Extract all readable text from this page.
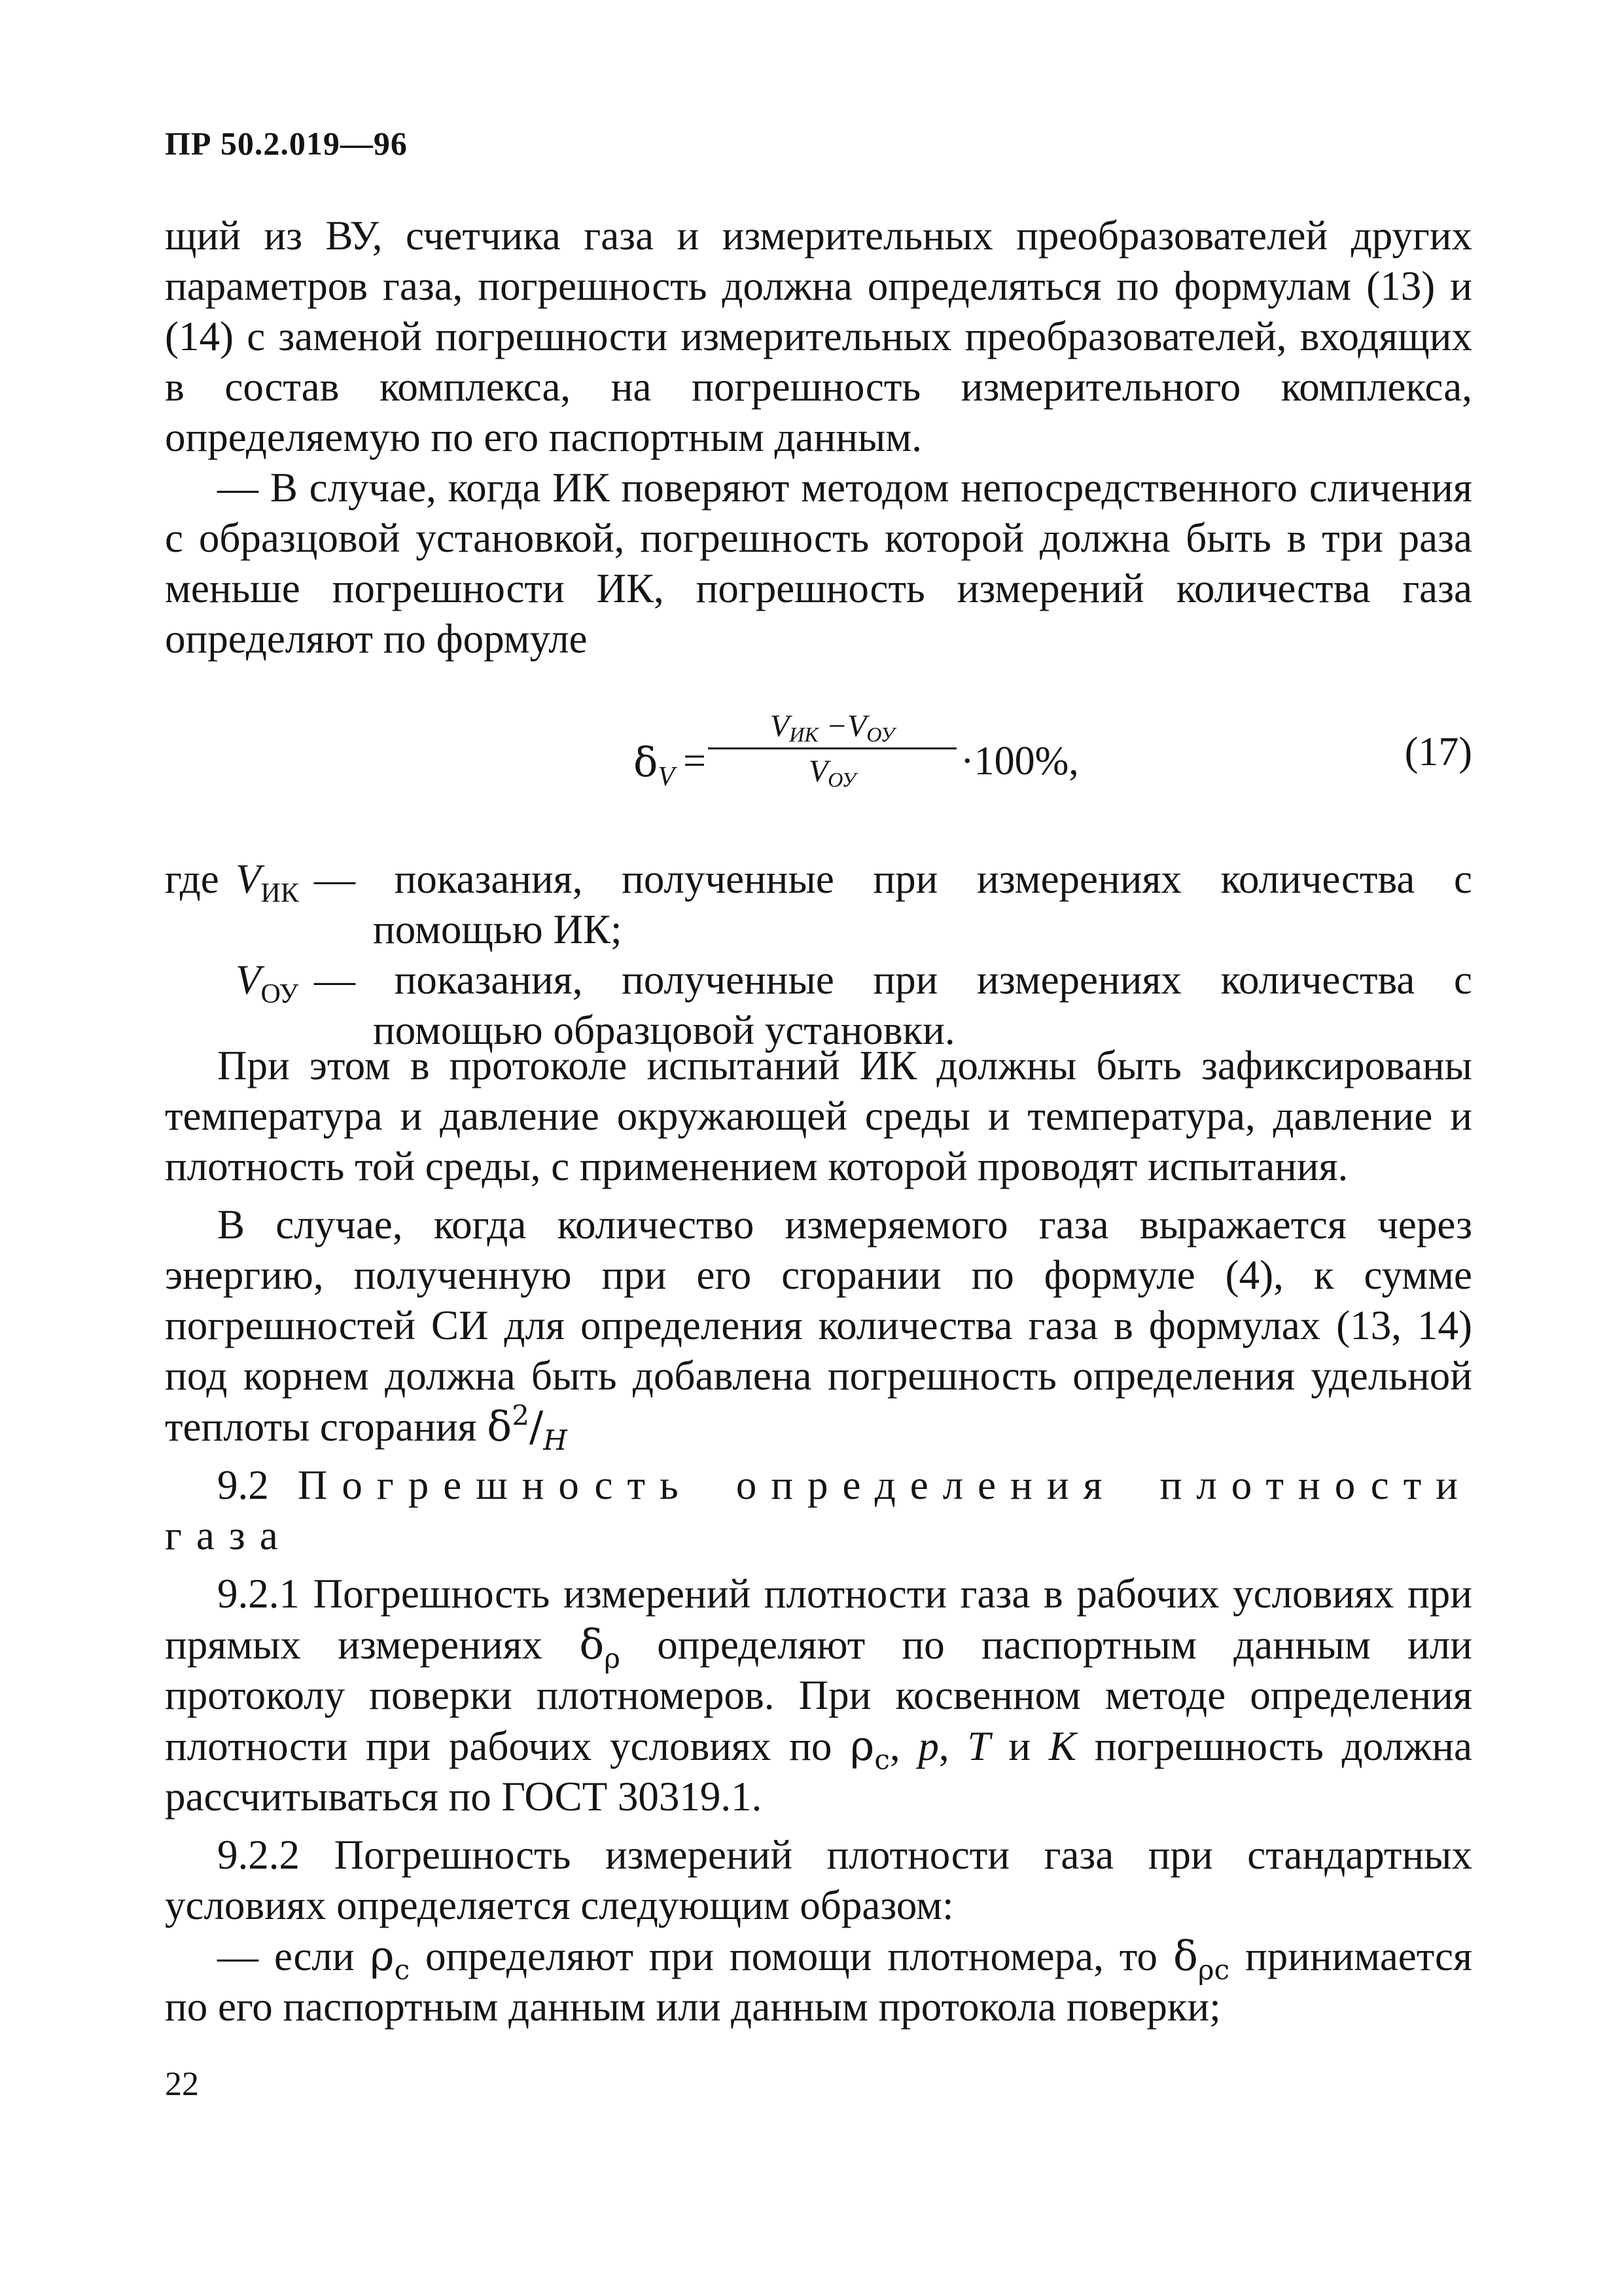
ПР 50.2.019—96

щий из ВУ, счетчика газа и измерительных преобразователей других параметров газа, погрешность должна определяться по формулам (13) и (14) с заменой погрешности измерительных преобразователей, входящих в состав комплекса, на погрешность измерительного комплекса, определяемую по его паспортным данным.

— В случае, когда ИК поверяют методом непосредственного сличения с образцовой установкой, погрешность которой должна быть в три раза меньше погрешности ИК, погрешность измерений количества газа определяют по формуле

$\delta_V$ =
$V_{ИК} -V_{ОУ}$
$V_{ОУ}$	·100%,	(17)
где $V_{ИК}$ — показания, полученные при измерениях количества с помощью ИК;

$V_{ОУ}$ — показания, полученные при измерениях количества с помощью образцовой установки.

При этом в протоколе испытаний ИК должны быть зафиксированы температура и давление окружающей среды и температура, давление и плотность той среды, с применением которой проводят испытания.

В случае, когда количество измеряемого газа выражается через энергию, полученную при его сгорании по формуле (4), к сумме погрешностей СИ для определения количества газа в формулах (13, 14) под корнем должна быть добавлена погрешность определения удельной теплоты сгорания $\delta^2/_H$

9.2 Погрешность определения плотности газа

9.2.1 Погрешность измерений плотности газа в рабочих условиях при прямых измерениях $\delta_\rho$ определяют по паспортным данным или протоколу поверки плотномеров. При косвенном методе определения плотности при рабочих условиях по $\rho_с$, p, T и K погрешность должна рассчитываться по ГОСТ 30319.1.

9.2.2 Погрешность измерений плотности газа при стандартных условиях определяется следующим образом:

— если $\rho_с$ определяют при помощи плотномера, то $\delta_{\rho с}$ принимается по его паспортным данным или данным протокола поверки;

22
